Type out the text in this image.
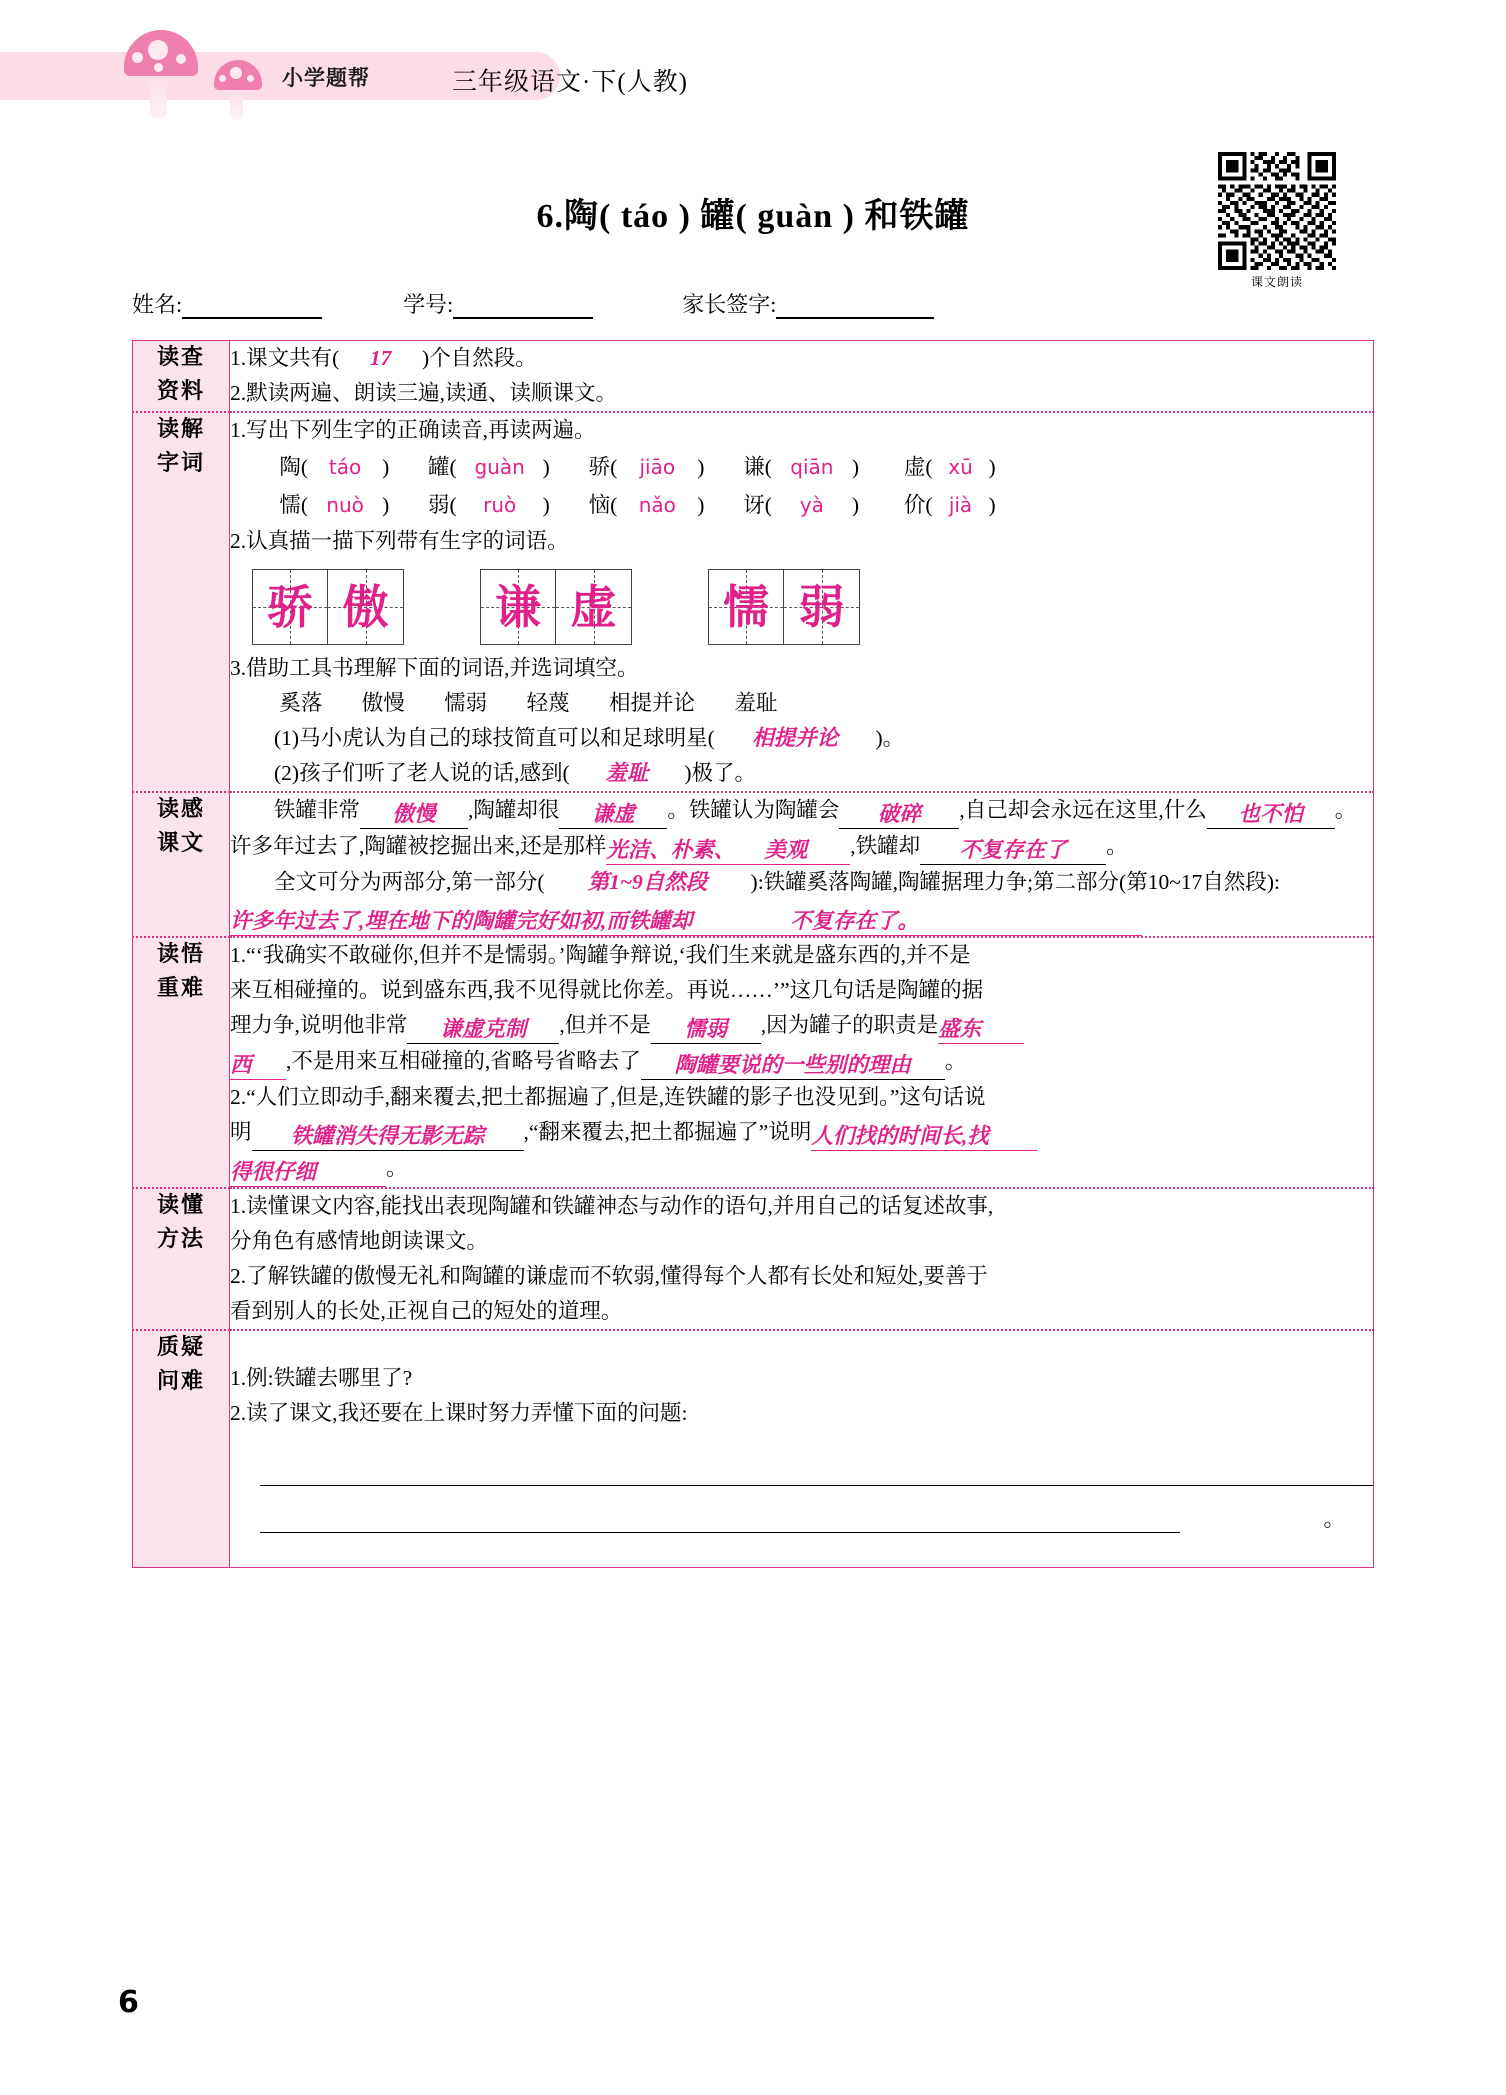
小学题帮	三年级语文·下(人教)
6.陶( táo ) 罐( guàn ) 和铁罐
课文朗读
姓名:	学号:	家长签字:
读查
资料

1.课文共有( 17 )个自然段。
2.默读两遍、朗读三遍,读通、读顺课文。

读解
字词

1.写出下列生字的正确读音,再读两遍。
陶( táo ) 罐( guàn ) 骄( jiāo ) 谦( qiān ) 虚( xū )
懦( nuò ) 弱( ruò ) 恼( nǎo ) 讶( yà ) 价( jià )
2.认真描一描下列带有生字的词语。
骄 傲	谦 虚	懦 弱
3.借助工具书理解下面的词语,并选词填空。
奚落 傲慢 懦弱 轻蔑 相提并论 羞耻
(1)马小虎认为自己的球技简直可以和足球明星( 相提并论 )。
(2)孩子们听了老人说的话,感到( 羞耻 )极了。

读感
课文

铁罐非常 傲慢 ,陶罐却很 谦虚 。铁罐认为陶罐会 破碎 ,自己却会永远在这里,什么 也不怕 。许多年过去了,陶罐被挖掘出来,还是那样光洁、朴素、 美观 ,铁罐却 不复存在了 。
全文可分为两部分,第一部分( 第1~9自然段 ):铁罐奚落陶罐,陶罐据理力争;第二部分(第10~17自然段):许多年过去了,埋在地下的陶罐完好如初,而铁罐却	不复存在了。

读悟
重难

1.“‘我确实不敢碰你,但并不是懦弱。’陶罐争辩说,‘我们生来就是盛东西的,并不是
来互相碰撞的。说到盛东西,我不见得就比你差。再说……’”这几句话是陶罐的据
理力争,说明他非常 谦虚克制 ,但并不是 懦弱 ,因为罐子的职责是盛东
西 ,不是用来互相碰撞的,省略号省略去了 陶罐要说的一些别的理由 。
2.“人们立即动手,翻来覆去,把土都掘遍了,但是,连铁罐的影子也没见到。”这句话说
明 铁罐消失得无影无踪 ,“翻来覆去,把土都掘遍了”说明人们找的时间长,找
得很仔细	。

读懂
方法

1.读懂课文内容,能找出表现陶罐和铁罐神态与动作的语句,并用自己的话复述故事,
分角色有感情地朗读课文。
2.了解铁罐的傲慢无礼和陶罐的谦虚而不软弱,懂得每个人都有长处和短处,要善于
看到别人的长处,正视自己的短处的道理。

质疑
问难	1.例:铁罐去哪里了?
2.读了课文,我还要在上课时努力弄懂下面的问题:
。
6
